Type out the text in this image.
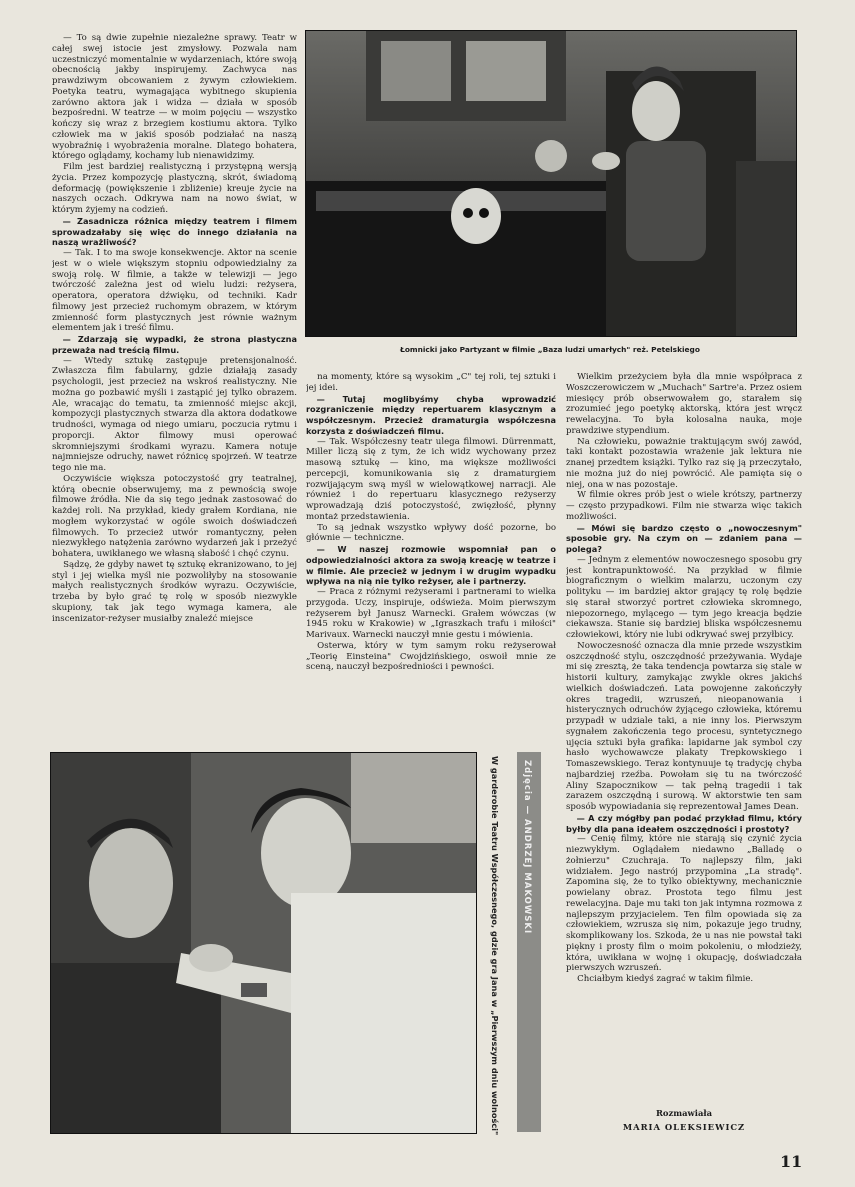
— To są dwie zupełnie niezależne sprawy. Teatr w całej swej istocie jest zmysłowy. Pozwala nam uczestniczyć momentalnie w wydarzeniach, które swoją obecnością jakby inspirujemy. Zachwyca nas prawdziwym obcowaniem z żywym człowiekiem. Poetyka teatru, wymagająca wybitnego skupienia zarówno aktora jak i widza — działa w sposób bezpośredni. W teatrze — w moim pojęciu — wszystko kończy się wraz z brzegiem kostiumu aktora. Tylko człowiek ma w jakiś sposób podziałać na naszą wyobraźnię i wyobrażenia moralne. Dlatego bohatera, którego oglądamy, kochamy lub nienawidzimy.

Film jest bardziej realistyczną i przystępną wersją życia. Przez kompozycję plastyczną, skrót, świadomą deformację (powiększenie i zbliżenie) kreuje życie na naszych oczach. Odkrywa nam na nowo świat, w którym żyjemy na codzień.

— Zasadnicza różnica między teatrem i filmem sprowadzałaby się więc do innego działania na naszą wrażliwość?

— Tak. I to ma swoje konsekwencje. Aktor na scenie jest w o wiele większym stopniu odpowiedzialny za swoją rolę. W filmie, a także w telewizji — jego twórczość zależna jest od wielu ludzi: reżysera, operatora, operatora dźwięku, od techniki. Kadr filmowy jest przecież ruchomym obrazem, w którym zmienność form plastycznych jest równie ważnym elementem jak i treść filmu.

— Zdarzają się wypadki, że strona plastyczna przeważa nad treścią filmu.

— Wtedy sztukę zastępuje pretensjonalność. Zwłaszcza film fabularny, gdzie działają zasady psychologii, jest przecież na wskroś realistyczny. Nie można go pozbawić myśli i zastąpić jej tylko obrazem. Ale, wracając do tematu, ta zmienność miejsc akcji, kompozycji plastycznych stwarza dla aktora dodatkowe trudności, wymaga od niego umiaru, poczucia rytmu i proporcji. Aktor filmowy musi operować skromniejszymi środkami wyrazu. Kamera notuje najmniejsze odruchy, nawet różnicę spojrzeń. W teatrze tego nie ma.

Oczywiście większa potoczystość gry teatralnej, którą obecnie obserwujemy, ma z pewnością swoje filmowe źródła. Nie da się tego jednak zastosować do każdej roli. Na przykład, kiedy grałem Kordiana, nie mogłem wykorzystać w ogóle swoich doświadczeń filmowych. To przecież utwór romantyczny, pełen niezwykłego natężenia zarówno wydarzeń jak i przeżyć bohatera, uwikłanego we własną słabość i chęć czynu.

Sądzę, że gdyby nawet tę sztukę ekranizowano, to jej styl i jej wielka myśl nie pozwoliłyby na stosowanie małych realistycznych środków wyrazu. Oczywiście, trzeba by było grać tę rolę w sposób niezwykle skupiony, tak jak tego wymaga kamera, ale inscenizator-reżyser musiałby znaleźć miejsce

Łomnicki jako Partyzant w filmie „Baza ludzi umarłych" reż. Petelskiego

na momenty, które są wysokim „C" tej roli, tej sztuki i jej idei.

— Tutaj moglibyśmy chyba wprowadzić rozgraniczenie między repertuarem klasycznym a współczesnym. Przecież dramaturgia współczesna korzysta z doświadczeń filmu.

— Tak. Współczesny teatr ulega filmowi. Dürrenmatt, Miller liczą się z tym, że ich widz wychowany przez masową sztukę — kino, ma większe możliwości percepcji, komunikowania się z dramaturgiem rozwijającym swą myśl w wielowątkowej narracji. Ale również i do repertuaru klasycznego reżyserzy wprowadzają dziś potoczystość, zwięzłość, płynny montaż przedstawienia.

To są jednak wszystko wpływy dość pozorne, bo głównie — techniczne.

— W naszej rozmowie wspomniał pan o odpowiedzialności aktora za swoją kreację w teatrze i w filmie. Ale przecież w jednym i w drugim wypadku wpływa na nią nie tylko reżyser, ale i partnerzy.

— Praca z różnymi reżyserami i partnerami to wielka przygoda. Uczy, inspiruje, odświeża. Moim pierwszym reżyserem był Janusz Warnecki. Grałem wówczas (w 1945 roku w Krakowie) w „Igraszkach trafu i miłości" Marivaux. Warnecki nauczył mnie gestu i mówienia.

Osterwa, który w tym samym roku reżyserował „Teorię Einsteina" Cwojdzińskiego, oswoił mnie ze sceną, nauczył bezpośredniości i pewności.

Wielkim przeżyciem była dla mnie współpraca z Woszczerowiczem w „Muchach" Sartre'a. Przez osiem miesięcy prób obserwowałem go, starałem się zrozumieć jego poetykę aktorską, która jest wręcz rewelacyjna. To była kolosalna nauka, moje prawdziwe stypendium.

Na człowieku, poważnie traktującym swój zawód, taki kontakt pozostawia wrażenie jak lektura nie znanej przedtem książki. Tylko raz się ją przeczytało, nie można już do niej powrócić. Ale pamięta się o niej, ona w nas pozostaje.

W filmie okres prób jest o wiele krótszy, partnerzy — często przypadkowi. Film nie stwarza więc takich możliwości.

— Mówi się bardzo często o „nowoczesnym" sposobie gry. Na czym on — zdaniem pana — polega?

— Jednym z elementów nowoczesnego sposobu gry jest kontrapunktowość. Na przykład w filmie biograficznym o wielkim malarzu, uczonym czy polityku — im bardziej aktor grający tę rolę będzie się starał stworzyć portret człowieka skromnego, niepozornego, mylącego — tym jego kreacja będzie ciekawsza. Stanie się bardziej bliska współczesnemu człowiekowi, który nie lubi odkrywać swej przyłbicy.

Nowoczesność oznacza dla mnie przede wszystkim oszczędność stylu, oszczędność przeżywania. Wydaje mi się zresztą, że taka tendencja powtarza się stale w historii kultury, zamykając zwykle okres jakichś wielkich doświadczeń. Lata powojenne zakończyły okres tragedii, wzruszeń, nieopanowania i histerycznych odruchów żyjącego człowieka, któremu przypadł w udziale taki, a nie inny los. Pierwszym sygnałem zakończenia tego procesu, syntetycznego ujęcia sztuki była grafika: lapidarne jak symbol czy hasło wychowawcze plakaty Trepkowskiego i Tomaszewskiego. Teraz kontynuuje tę tradycję chyba najbardziej rzeźba. Powołam się tu na twórczość Aliny Szapocznikow — tak pełną tragedii i tak zarazem oszczędną i surową. W aktorstwie ten sam sposób wypowiadania się reprezentował James Dean.

— A czy mógłby pan podać przykład filmu, który byłby dla pana ideałem oszczędności i prostoty?

— Cenię filmy, które nie starają się czynić życia niezwykłym. Oglądałem niedawno „Balladę o żołnierzu" Czuchraja. To najlepszy film, jaki widziałem. Jego nastrój przypomina „La stradę". Zapomina się, że to tylko obiektywny, mechanicznie powielany obraz. Prostota tego filmu jest rewelacyjna. Daje mu taki ton jak intymna rozmowa z najlepszym przyjacielem. Ten film opowiada się za człowiekiem, wzrusza się nim, pokazuje jego trudny, skomplikowany los. Szkoda, że u nas nie powstał taki piękny i prosty film o moim pokoleniu, o młodzieży, która, uwikłana w wojnę i okupację, doświadczała pierwszych wzruszeń.

Chciałbym kiedyś zagrać w takim filmie.

W garderobie Teatru Współczesnego, gdzie gra Jana w „Pierwszym dniu wolności"	Zdjęcia — ANDRZEJ MAKOWSKI
Rozmawiała
MARIA OLEKSIEWICZ
11
